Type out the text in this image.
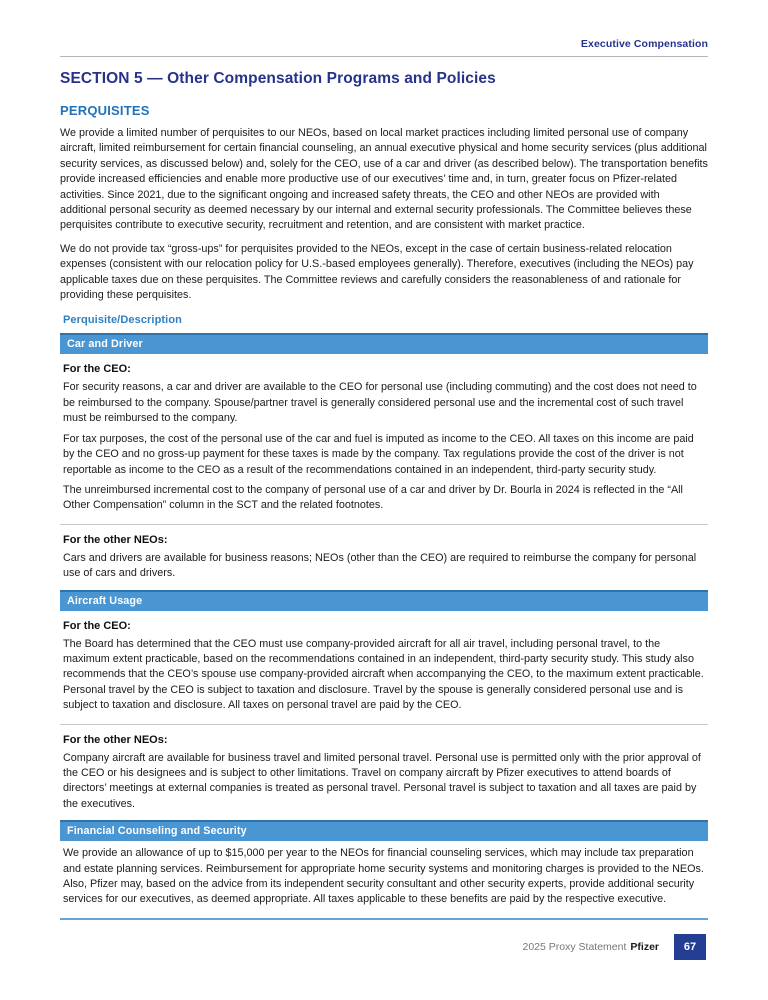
Executive Compensation
SECTION 5 — Other Compensation Programs and Policies
PERQUISITES

We provide a limited number of perquisites to our NEOs, based on local market practices including limited personal use of company aircraft, limited reimbursement for certain financial counseling, an annual executive physical and home security services (plus additional security services, as discussed below) and, solely for the CEO, use of a car and driver (as described below). The transportation benefits provide increased efficiencies and enable more productive use of our executives’ time and, in turn, greater focus on Pfizer-related activities. Since 2021, due to the significant ongoing and increased safety threats, the CEO and other NEOs are provided with additional personal security as deemed necessary by our internal and external security professionals. The Committee believes these perquisites contribute to executive security, recruitment and retention, and are consistent with market practice.

We do not provide tax “gross-ups” for perquisites provided to the NEOs, except in the case of certain business-related relocation expenses (consistent with our relocation policy for U.S.-based employees generally). Therefore, executives (including the NEOs) pay applicable taxes due on these perquisites. The Committee reviews and carefully considers the reasonableness of and rationale for providing these perquisites.

Perquisite/Description
Car and Driver
For the CEO:

For security reasons, a car and driver are available to the CEO for personal use (including commuting) and the cost does not need to be reimbursed to the company. Spouse/partner travel is generally considered personal use and the incremental cost of such travel must be reimbursed to the company.

For tax purposes, the cost of the personal use of the car and fuel is imputed as income to the CEO. All taxes on this income are paid by the CEO and no gross-up payment for these taxes is made by the company. Tax regulations provide the cost of the driver is not reportable as income to the CEO as a result of the recommendations contained in an independent, third-party security study.

The unreimbursed incremental cost to the company of personal use of a car and driver by Dr. Bourla in 2024 is reflected in the “All Other Compensation” column in the SCT and the related footnotes.

For the other NEOs:

Cars and drivers are available for business reasons; NEOs (other than the CEO) are required to reimburse the company for personal use of cars and drivers.

Aircraft Usage
For the CEO:

The Board has determined that the CEO must use company-provided aircraft for all air travel, including personal travel, to the maximum extent practicable, based on the recommendations contained in an independent, third-party security study. This study also recommends that the CEO’s spouse use company-provided aircraft when accompanying the CEO, to the maximum extent practicable. Personal travel by the CEO is subject to taxation and disclosure. Travel by the spouse is generally considered personal use and is subject to taxation and disclosure. All taxes on personal travel are paid by the CEO.

For the other NEOs:

Company aircraft are available for business travel and limited personal travel. Personal use is permitted only with the prior approval of the CEO or his designees and is subject to other limitations. Travel on company aircraft by Pfizer executives to attend boards of directors’ meetings at external companies is treated as personal travel. Personal travel is subject to taxation and all taxes are paid by the executives.

Financial Counseling and Security

We provide an allowance of up to $15,000 per year to the NEOs for financial counseling services, which may include tax preparation and estate planning services. Reimbursement for appropriate home security systems and monitoring charges is provided to the NEOs. Also, Pfizer may, based on the advice from its independent security consultant and other security experts, provide additional security services for our executives, as deemed appropriate. All taxes applicable to these benefits are paid by the respective executive.

2025 Proxy Statement Pfizer	67
